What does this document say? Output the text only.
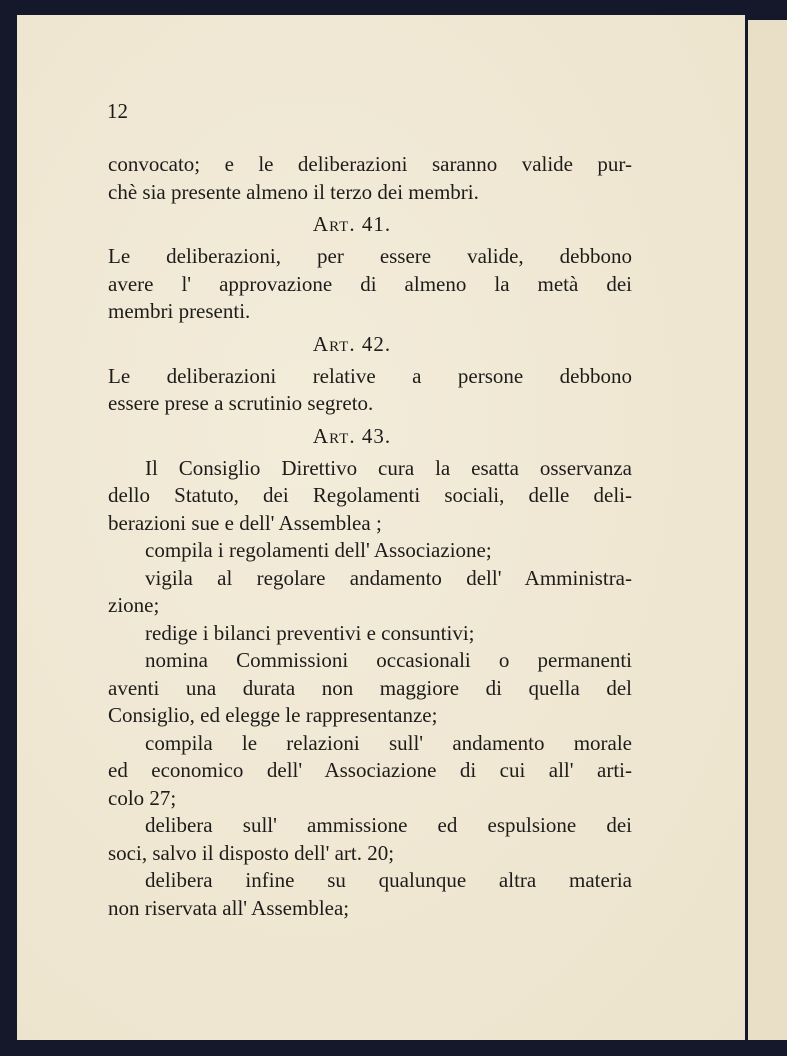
12
convocato; e le deliberazioni saranno valide pur-
chè sia presente almeno il terzo dei membri.
Art. 41.
Le deliberazioni, per essere valide, debbono
avere l' approvazione di almeno la metà dei
membri presenti.
Art. 42.
Le deliberazioni relative a persone debbono
essere prese a scrutinio segreto.
Art. 43.
Il Consiglio Direttivo cura la esatta osservanza
dello Statuto, dei Regolamenti sociali, delle deli-
berazioni sue e dell' Assemblea ;
compila i regolamenti dell' Associazione;
vigila al regolare andamento dell' Amministra-
zione;
redige i bilanci preventivi e consuntivi;
nomina Commissioni occasionali o permanenti
aventi una durata non maggiore di quella del
Consiglio, ed elegge le rappresentanze;
compila le relazioni sull' andamento morale
ed economico dell' Associazione di cui all' arti-
colo 27;
delibera sull' ammissione ed espulsione dei
soci, salvo il disposto dell' art. 20;
delibera infine su qualunque altra materia
non riservata all' Assemblea;
